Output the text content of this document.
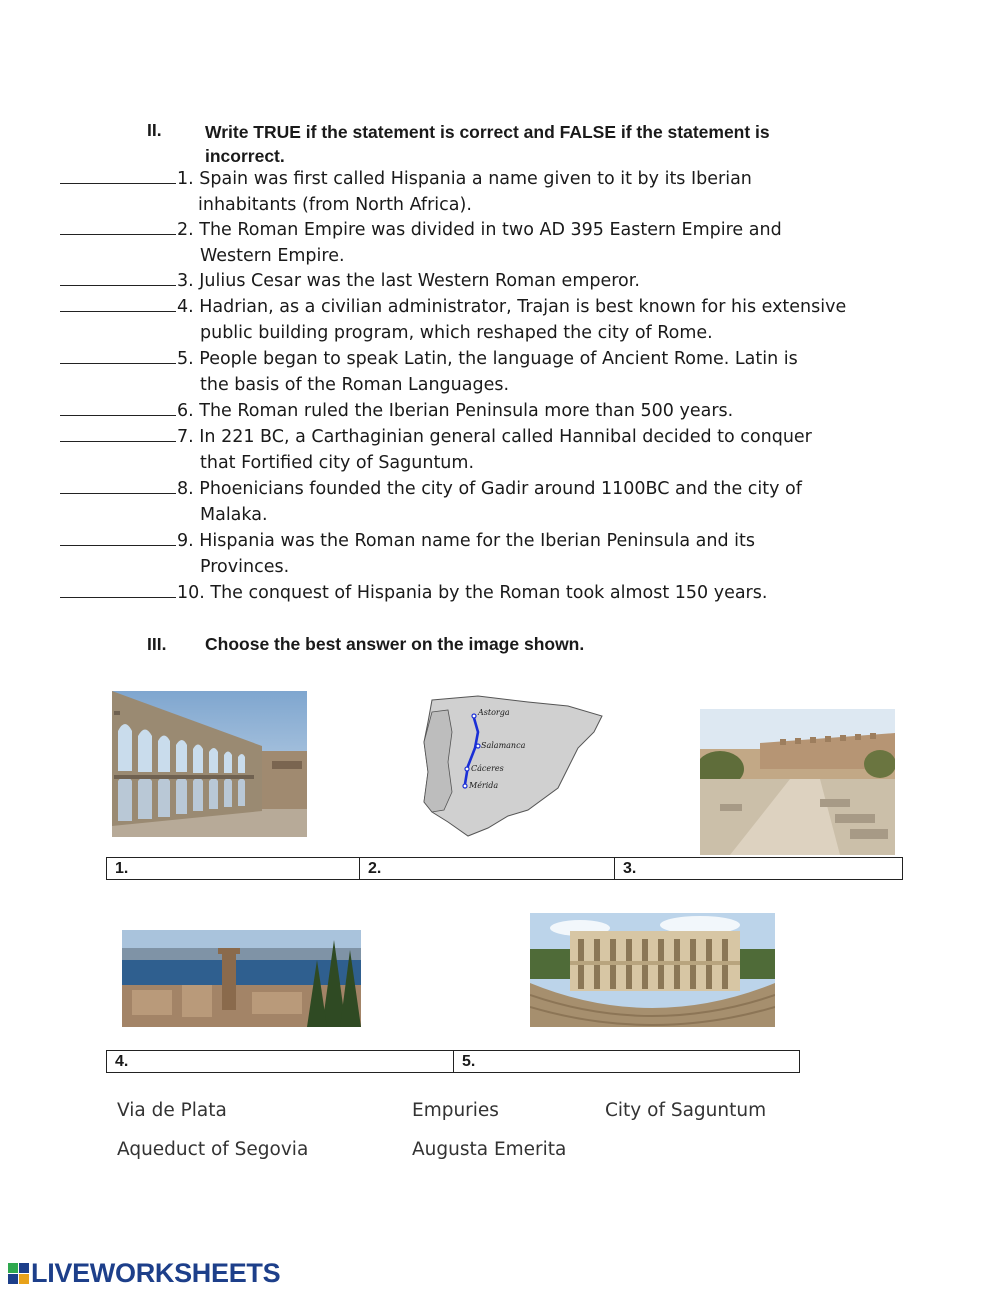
II. Write TRUE if the statement is correct and FALSE if the statement is
incorrect.
1. Spain was first called Hispania a name given to it by its Iberian
inhabitants (from North Africa).
2. The Roman Empire was divided in two AD 395 Eastern Empire and
Western Empire.
3. Julius Cesar was the last Western Roman emperor.
4. Hadrian, as a civilian administrator, Trajan is best known for his extensive
public building program, which reshaped the city of Rome.
5. People began to speak Latin, the language of Ancient Rome. Latin is
the basis of the Roman Languages.
6. The Roman ruled the Iberian Peninsula more than 500 years.
7. In 221 BC, a Carthaginian general called Hannibal decided to conquer
that Fortified city of Saguntum.
8. Phoenicians founded the city of Gadir around 1100BC and the city of
Malaka.
9. Hispania was the Roman name for the Iberian Peninsula and its
Provinces.
10. The conquest of Hispania by the Roman took almost 150 years.
III. Choose the best answer on the image shown.
Astorga
Salamanca
Cáceres
Mérida
1.	2.	3.
4.	5.
Via de Plata	Empuries	City of Saguntum
Aqueduct of Segovia	Augusta Emerita
LIVEWORKSHEETS
